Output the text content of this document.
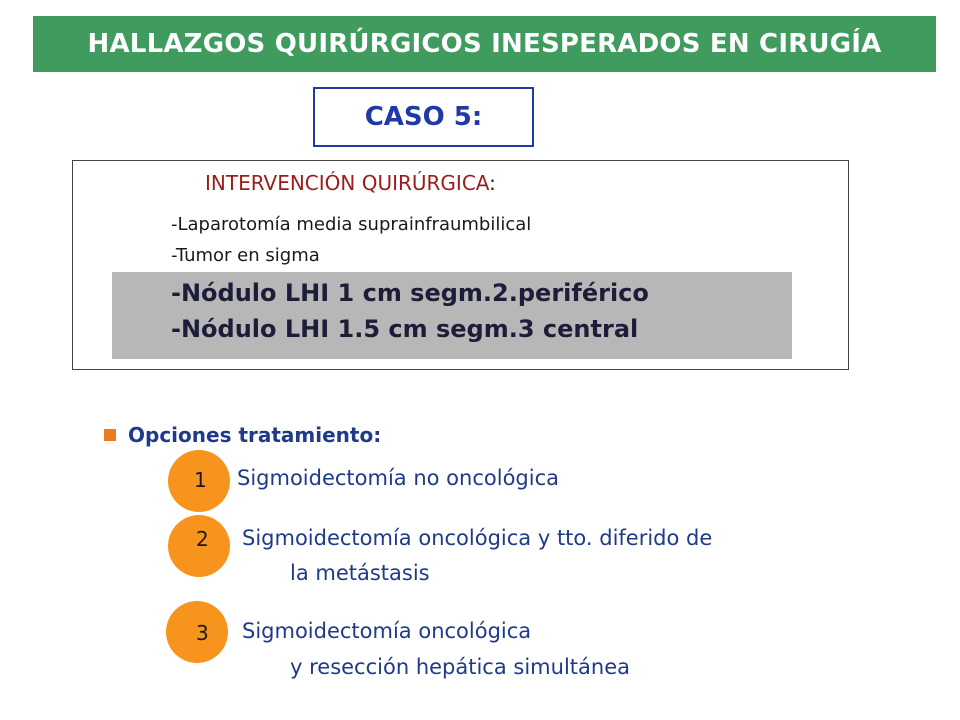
HALLAZGOS QUIRÚRGICOS INESPERADOS EN CIRUGÍA
CASO 5:
INTERVENCIÓN QUIRÚRGICA:
-Laparotomía media suprainfraumbilical
-Tumor en sigma
-Nódulo LHI 1 cm segm.2.periférico
-Nódulo LHI 1.5 cm segm.3 central
Opciones tratamiento:
1 Sigmoidectomía no oncológica
2 Sigmoidectomía oncológica y tto. diferido de
la metástasis
3 Sigmoidectomía oncológica
y resección hepática simultánea
